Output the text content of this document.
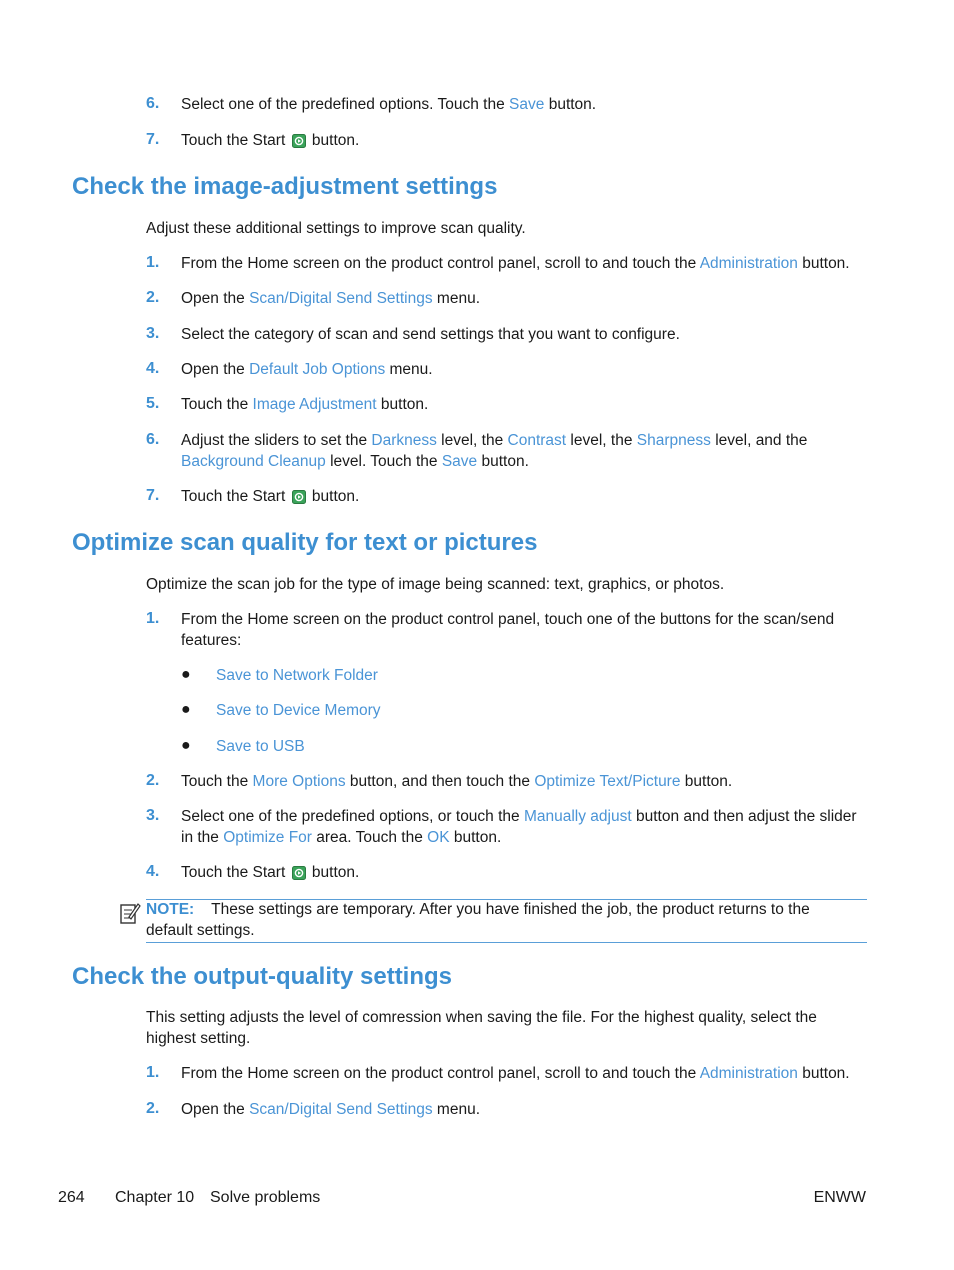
6. Select one of the predefined options. Touch the Save button.
7. Touch the Start button.
Check the image-adjustment settings
Adjust these additional settings to improve scan quality.
1. From the Home screen on the product control panel, scroll to and touch the Administration button.
2. Open the Scan/Digital Send Settings menu.
3. Select the category of scan and send settings that you want to configure.
4. Open the Default Job Options menu.
5. Touch the Image Adjustment button.
6. Adjust the sliders to set the Darkness level, the Contrast level, the Sharpness level, and the Background Cleanup level. Touch the Save button.
7. Touch the Start button.
Optimize scan quality for text or pictures
Optimize the scan job for the type of image being scanned: text, graphics, or photos.
1. From the Home screen on the product control panel, touch one of the buttons for the scan/send features:
● Save to Network Folder
● Save to Device Memory
● Save to USB
2. Touch the More Options button, and then touch the Optimize Text/Picture button.
3. Select one of the predefined options, or touch the Manually adjust button and then adjust the slider in the Optimize For area. Touch the OK button.
4. Touch the Start button.
NOTE: These settings are temporary. After you have finished the job, the product returns to the default settings.
Check the output-quality settings
This setting adjusts the level of comression when saving the file. For the highest quality, select the highest setting.
1. From the Home screen on the product control panel, scroll to and touch the Administration button.
2. Open the Scan/Digital Send Settings menu.
264 Chapter 10 Solve problems	ENWW
